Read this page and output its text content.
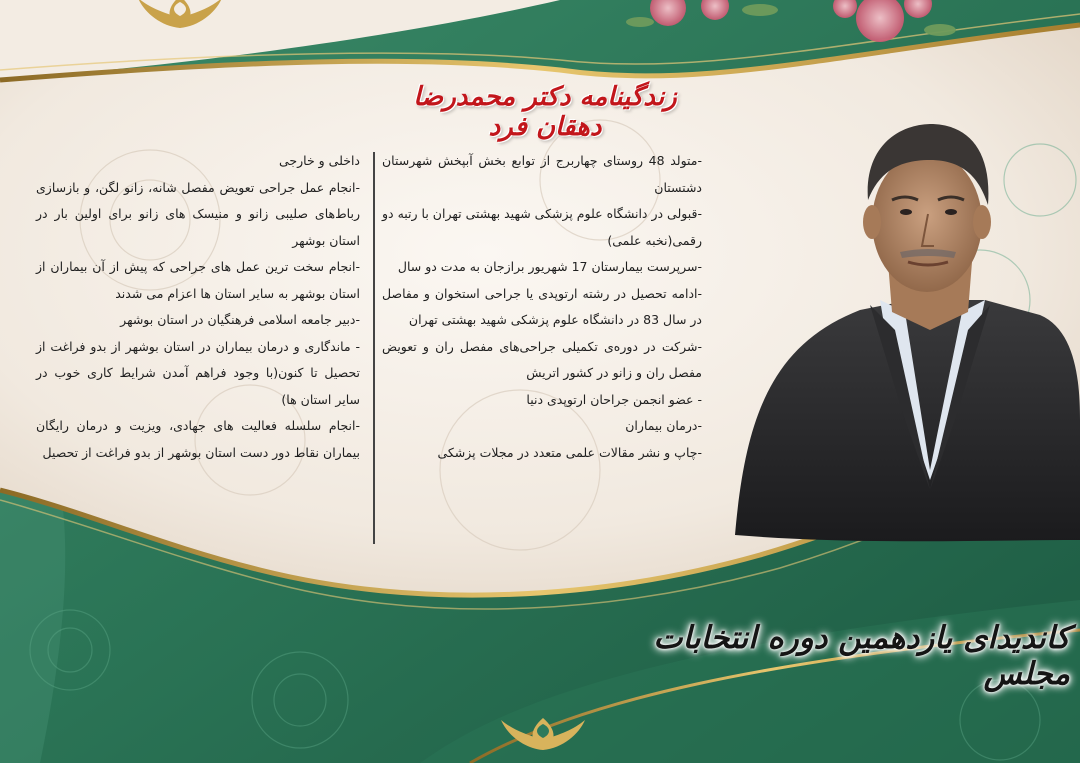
زندگینامه دکتر محمدرضا دهقان فرد

-متولد 48 روستای چهاربرج از توابع بخش آبپخش شهرستان دشتستان

-قبولی در دانشگاه علوم پزشکی شهید بهشتی تهران با رتبه دو رقمی(نخبه علمی)

-سرپرست بیمارستان 17 شهریور برازجان به مدت دو سال

-ادامه تحصیل در رشته ارتوپدی یا جراحی استخوان و مفاصل در سال 83 در دانشگاه علوم پزشکی شهید بهشتی تهران

-شرکت در دوره‌ی تکمیلی جراحی‌های مفصل ران و تعویض مفصل ران و زانو در کشور اتریش

- عضو انجمن جراحان ارتوپدی دنیا

-درمان بیماران

-چاپ و نشر مقالات علمی متعدد در مجلات پزشکی

داخلی و خارجی

-انجام عمل جراحی تعویض مفصل شانه، زانو لگن، و بازسازی رباط‌های صلیبی زانو و منیسک های زانو برای اولین بار در استان بوشهر

-انجام سخت ترین عمل های جراحی که پیش از آن بیماران از استان بوشهر به سایر استان ها اعزام می شدند

-دبیر جامعه اسلامی فرهنگیان در استان بوشهر

- ماندگاری و درمان بیماران در استان بوشهر از بدو فراغت از تحصیل تا کنون(با وجود فراهم آمدن شرایط کاری خوب در سایر استان ها)

-انجام سلسله فعالیت های جهادی، ویزیت و درمان رایگان بیماران نقاط دور دست استان بوشهر از بدو فراغت از تحصیل

کاندیدای یازدهمین دوره انتخابات مجلس
